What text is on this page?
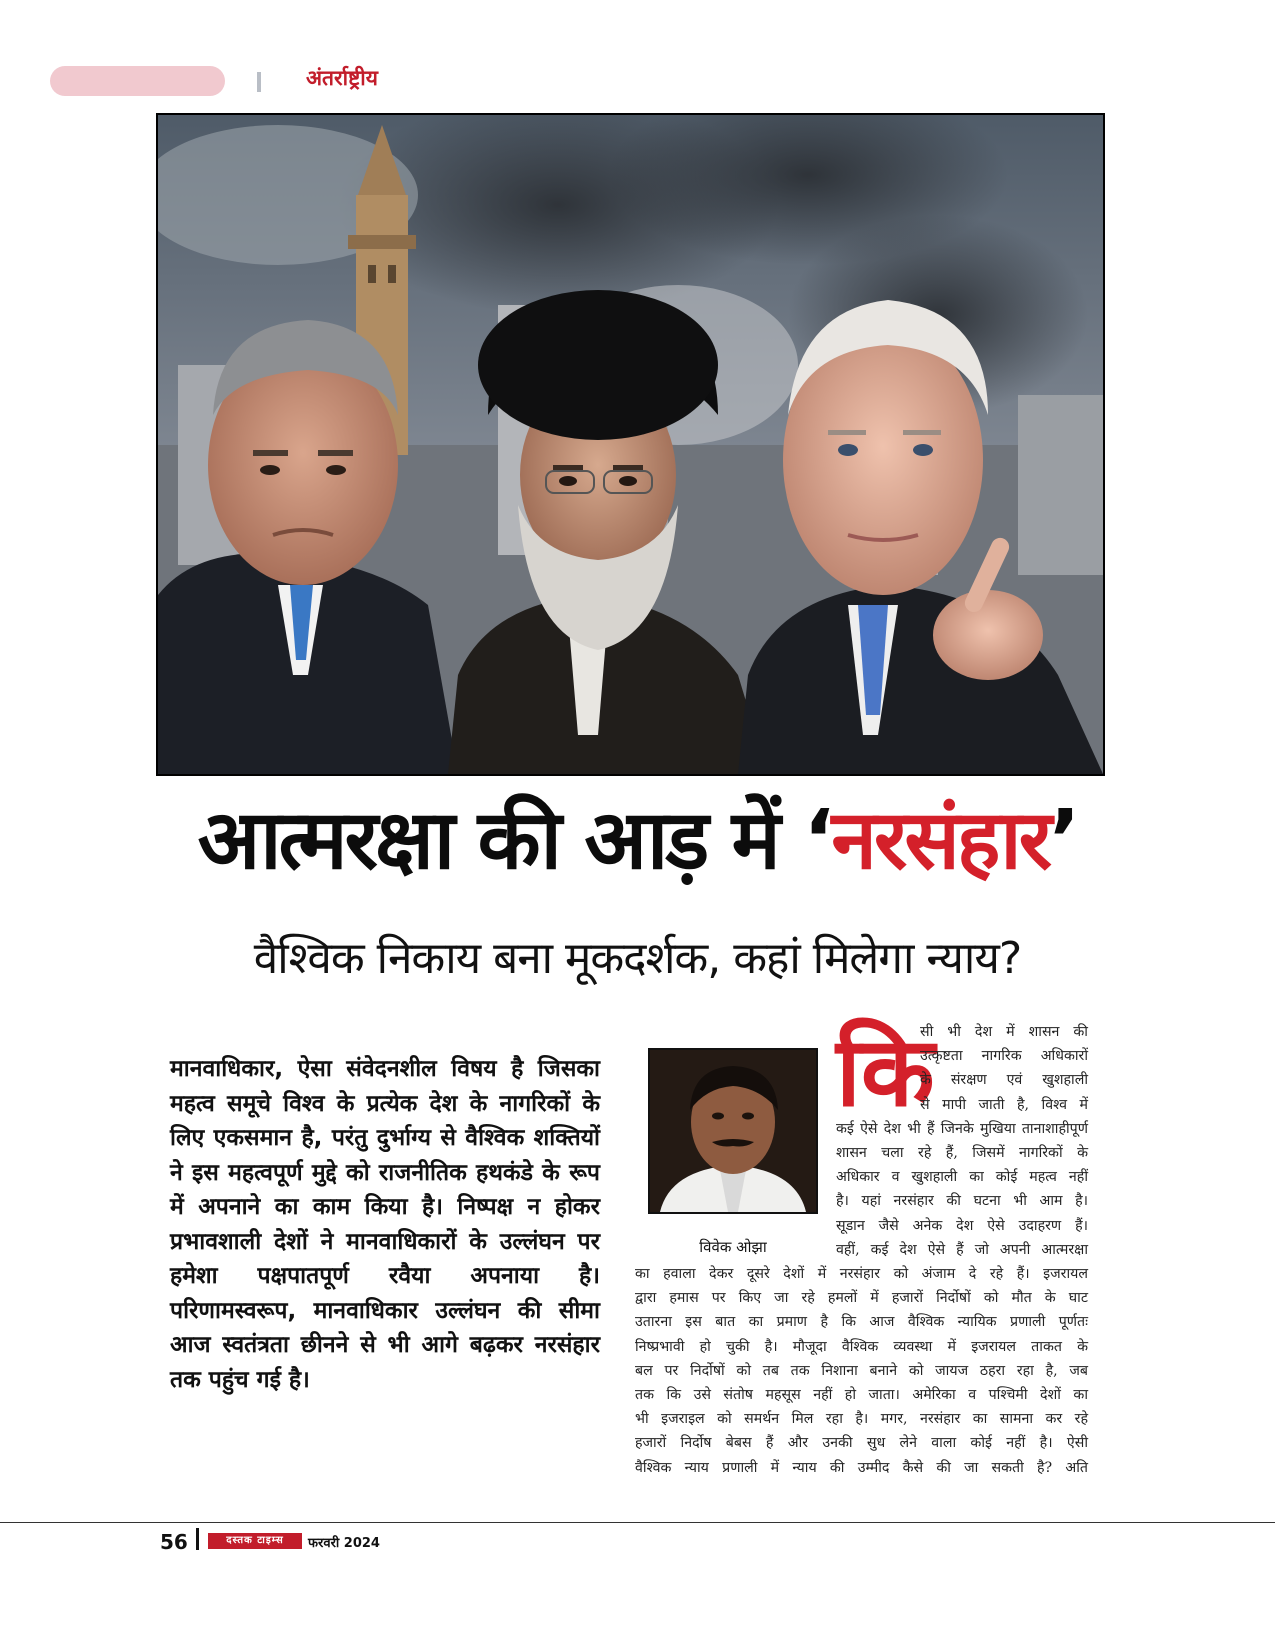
अंतर्राष्ट्रीय
आत्मरक्षा की आड़ में ‘नरसंहार’
वैश्विक निकाय बना मूकदर्शक, कहां मिलेगा न्याय?
मानवाधिकार, ऐसा संवेदनशील विषय है जिसका महत्व समूचे विश्व के प्रत्येक देश के नागरिकों के लिए एकसमान है, परंतु दुर्भाग्य से वैश्विक शक्तियों ने इस महत्वपूर्ण मुद्दे को राजनीतिक हथकंडे के रूप में अपनाने का काम किया है। निष्पक्ष न होकर प्रभावशाली देशों ने मानवाधिकारों के उल्लंघन पर हमेशा पक्षपातपूर्ण रवैया अपनाया है। परिणामस्वरूप, मानवाधिकार उल्लंघन की सीमा आज स्वतंत्रता छीनने से भी आगे बढ़कर नरसंहार तक पहुंच गई है।
विवेक ओझा
कि
सी भी देश में शासन की
उत्कृष्टता नागरिक अधिकारों
के संरक्षण एवं खुशहाली
से मापी जाती है, विश्व में
कई ऐसे देश भी हैं जिनके मुखिया तानाशाहीपूर्ण
शासन चला रहे हैं, जिसमें नागरिकों के
अधिकार व खुशहाली का कोई महत्व नहीं
है। यहां नरसंहार की घटना भी आम है।
सूडान जैसे अनेक देश ऐसे उदाहरण हैं।
वहीं, कई देश ऐसे हैं जो अपनी आत्मरक्षा
का हवाला देकर दूसरे देशों में नरसंहार को अंजाम दे रहे हैं। इजरायल
द्वारा हमास पर किए जा रहे हमलों में हजारों निर्दोषों को मौत के घाट
उतारना इस बात का प्रमाण है कि आज वैश्विक न्यायिक प्रणाली पूर्णतः
निष्प्रभावी हो चुकी है। मौजूदा वैश्विक व्यवस्था में इजरायल ताकत के
बल पर निर्दोषों को तब तक निशाना बनाने को जायज ठहरा रहा है, जब
तक कि उसे संतोष महसूस नहीं हो जाता। अमेरिका व पश्चिमी देशों का
भी इजराइल को समर्थन मिल रहा है। मगर, नरसंहार का सामना कर रहे
हजारों निर्दोष बेबस हैं और उनकी सुध लेने वाला कोई नहीं है। ऐसी
वैश्विक न्याय प्रणाली में न्याय की उम्मीद कैसे की जा सकती है? अति
56	दस्तक टाइम्स	फरवरी 2024
